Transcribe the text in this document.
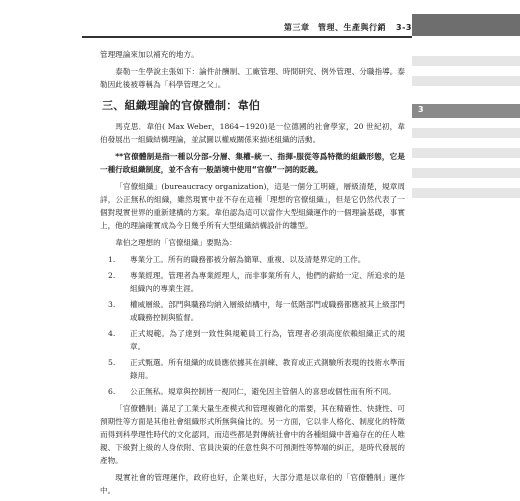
第三章　管理、生產與行銷 3-3
3

管理理論來加以補充的地方。

泰勒一生學說主張如下：論件計酬制、工廠管理、時間研究、例外管理、分職指導。泰勒因此後被尊稱為「科學管理之父」。

三、組織理論的官僚體制：韋伯

馬克思．韋伯( Max Weber，1864~1920)是一位德國的社會學家，20 世紀初，韋伯發展出一組織結構理論，並試圖以權威關係來描述組織的活動。

**官僚體制是指一種以分部-分層、集權-統一、指揮-服從等爲特徵的組織形態，它是一種行政組織制度，並不含有一般語境中使用“官僚”一詞的貶義。

「官僚組織」(bureaucracy organization)，這是一個分工明確，層級清楚，規章周詳，公正無私的組織，雖然現實中並不存在這種「理想的官僚組織」，但是它仍然代表了一個對現實世界的重新建構的方案。韋伯認為這可以當作大型組織運作的一個理論基礎，事實上，他的理論確實成為今日幾乎所有大型組織結構設計的雛型。

韋伯之理想的「官僚組織」要點為：

1.	專業分工。所有的職務都被分解為簡單、重複、以及清楚界定的工作。
2.	專業經理。管理者為專業經理人，而非事業所有人，他們的薪給一定、所追求的是組織內的專業生涯。
3.	權威層級。部門與職務均納入層級結構中，每一低階部門或職務都應被其上級部門或職務控制與監督。
4.	正式規範。為了達到一致性與規範員工行為，管理者必須高度依賴組織正式的規章。
5.	正式甄選。所有組織的成員應依據其在訓練、教育或正式測驗所表現的技術水準而錄用。
6.	公正無私。規章與控制皆一視同仁，避免因主管個人的喜惡或個性而有所不同。

「官僚體制」滿足了工業大量生產模式和管理複雜化的需要，其在精確性、快捷性、可預期性等方面是其他社會組織形式所無與倫比的。另一方面，它以非人格化、制度化的特徵而得到科學理性時代的文化認同，而這些都是對傳統社會中的各種組織中普遍存在的任人唯親、下級對上級的人身依附、官員決策的任意性與不可預測性等弊端的糾正，是時代發展的產物。

現實社會的管理運作，政府也好，企業也好，大部分還是以韋伯的「官僚體制」運作中。
